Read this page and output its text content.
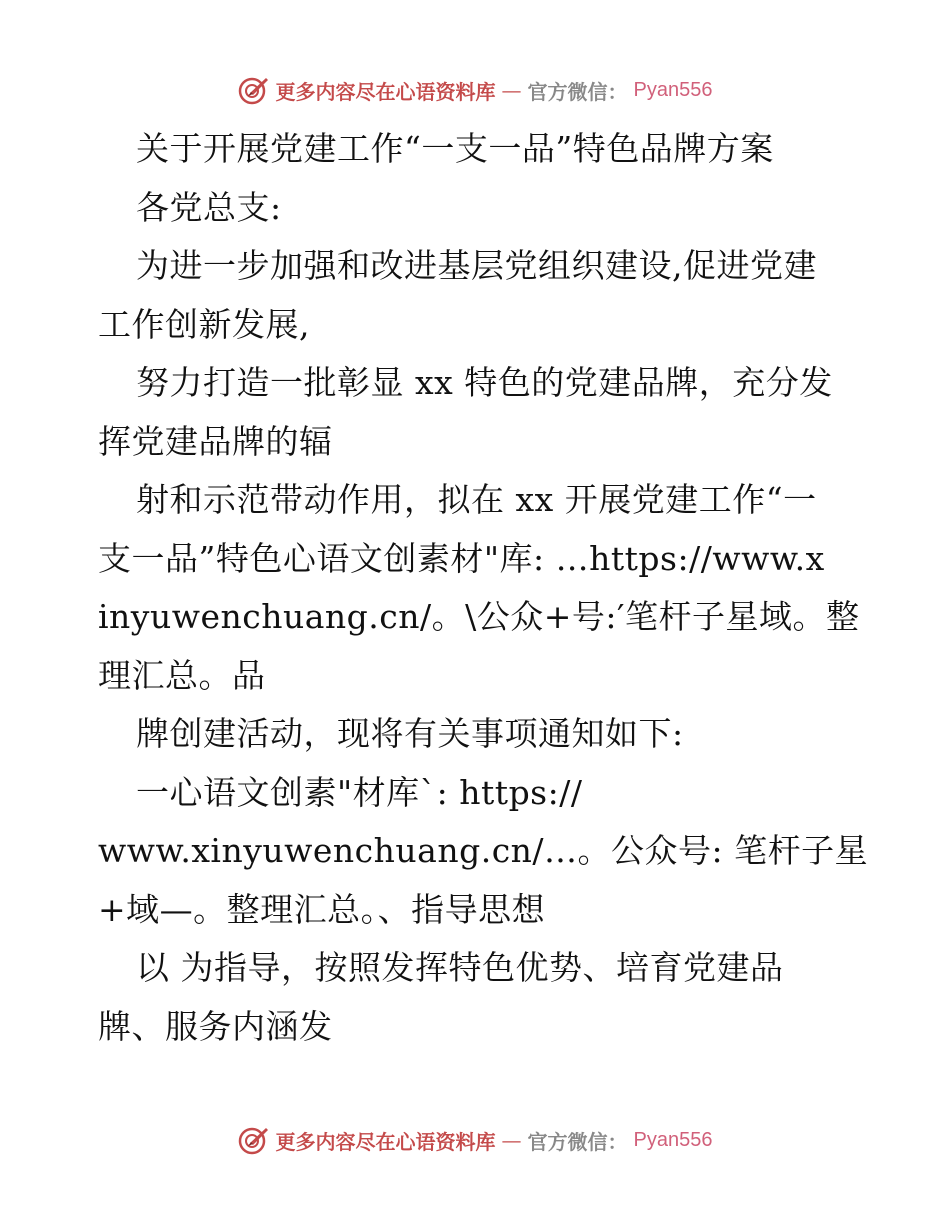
更多内容尽在心语资料库 — 官方微信： Pyan556
关于开展党建工作“一支一品”特色品牌方案
各党总支:
为进一步加强和改进基层党组织建设,促进党建
工作创新发展,
努力打造一批彰显 xx 特色的党建品牌，充分发
挥党建品牌的辐
射和示范带动作用，拟在 xx 开展党建工作“一
支一品”特色心语文创素材"库: …https://www.x
inyuwenchuang.cn/。\公众+号:′笔杆子星域。整
理汇总。品
牌创建活动，现将有关事项通知如下:
一心语文创素"材库`: https://
www.xinyuwenchuang.cn/…。公众号: 笔杆子星
+域—。整理汇总。、指导思想
以 为指导，按照发挥特色优势、培育党建品
牌、服务内涵发
更多内容尽在心语资料库 — 官方微信： Pyan556
